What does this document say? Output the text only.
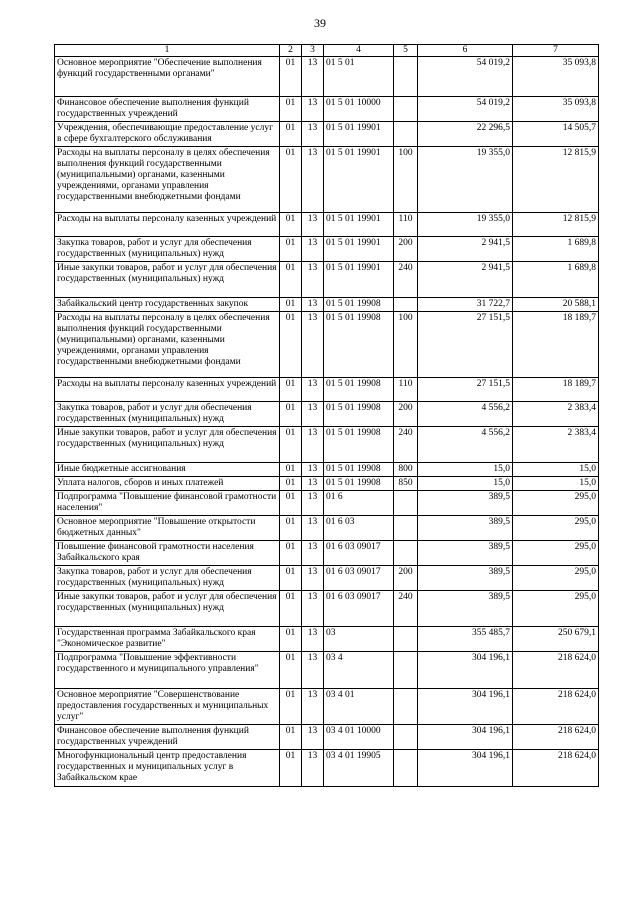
39
1	2	3	4	5	6	7
Основное мероприятие "Обеспечение выполнения функций государственными органами"	01	13	01 5 01		54 019,2	35 093,8
Финансовое обеспечение выполнения функций государственных учреждений	01	13	01 5 01 10000		54 019,2	35 093,8
Учреждения, обеспечивающие предоставление услуг в сфере бухгалтерского обслуживания	01	13	01 5 01 19901		22 296,5	14 505,7
Расходы на выплаты персоналу в целях обеспечения выполнения функций государственными (муниципальными) органами, казенными учреждениями, органами управления государственными внебюджетными фондами	01	13	01 5 01 19901	100	19 355,0	12 815,9
Расходы на выплаты персоналу казенных учреждений	01	13	01 5 01 19901	110	19 355,0	12 815,9
Закупка товаров, работ и услуг для обеспечения государственных (муниципальных) нужд	01	13	01 5 01 19901	200	2 941,5	1 689,8
Иные закупки товаров, работ и услуг для обеспечения государственных (муниципальных) нужд	01	13	01 5 01 19901	240	2 941,5	1 689,8
Забайкальский центр государственных закупок	01	13	01 5 01 19908		31 722,7	20 588,1
Расходы на выплаты персоналу в целях обеспечения выполнения функций государственными (муниципальными) органами, казенными учреждениями, органами управления государственными внебюджетными фондами	01	13	01 5 01 19908	100	27 151,5	18 189,7
Расходы на выплаты персоналу казенных учреждений	01	13	01 5 01 19908	110	27 151,5	18 189,7
Закупка товаров, работ и услуг для обеспечения государственных (муниципальных) нужд	01	13	01 5 01 19908	200	4 556,2	2 383,4
Иные закупки товаров, работ и услуг для обеспечения государственных (муниципальных) нужд	01	13	01 5 01 19908	240	4 556,2	2 383,4
Иные бюджетные ассигнования	01	13	01 5 01 19908	800	15,0	15,0
Уплата налогов, сборов и иных платежей	01	13	01 5 01 19908	850	15,0	15,0
Подпрограмма "Повышение финансовой грамотности населения"	01	13	01 6		389,5	295,0
Основное мероприятие "Повышение открытости бюджетных данных"	01	13	01 6 03		389,5	295,0
Повышение финансовой грамотности населения Забайкальского края	01	13	01 6 03 09017		389,5	295,0
Закупка товаров, работ и услуг для обеспечения государственных (муниципальных) нужд	01	13	01 6 03 09017	200	389,5	295,0
Иные закупки товаров, работ и услуг для обеспечения государственных (муниципальных) нужд	01	13	01 6 03 09017	240	389,5	295,0
Государственная программа Забайкальского края "Экономическое развитие"	01	13	03		355 485,7	250 679,1
Подпрограмма "Повышение эффективности государственного и муниципального управления"	01	13	03 4		304 196,1	218 624,0
Основное мероприятие "Совершенствование предоставления государственных и муниципальных услуг"	01	13	03 4 01		304 196,1	218 624,0
Финансовое обеспечение выполнения функций государственных учреждений	01	13	03 4 01 10000		304 196,1	218 624,0
Многофункциональный центр предоставления государственных и муниципальных услуг в Забайкальском крае	01	13	03 4 01 19905		304 196,1	218 624,0
